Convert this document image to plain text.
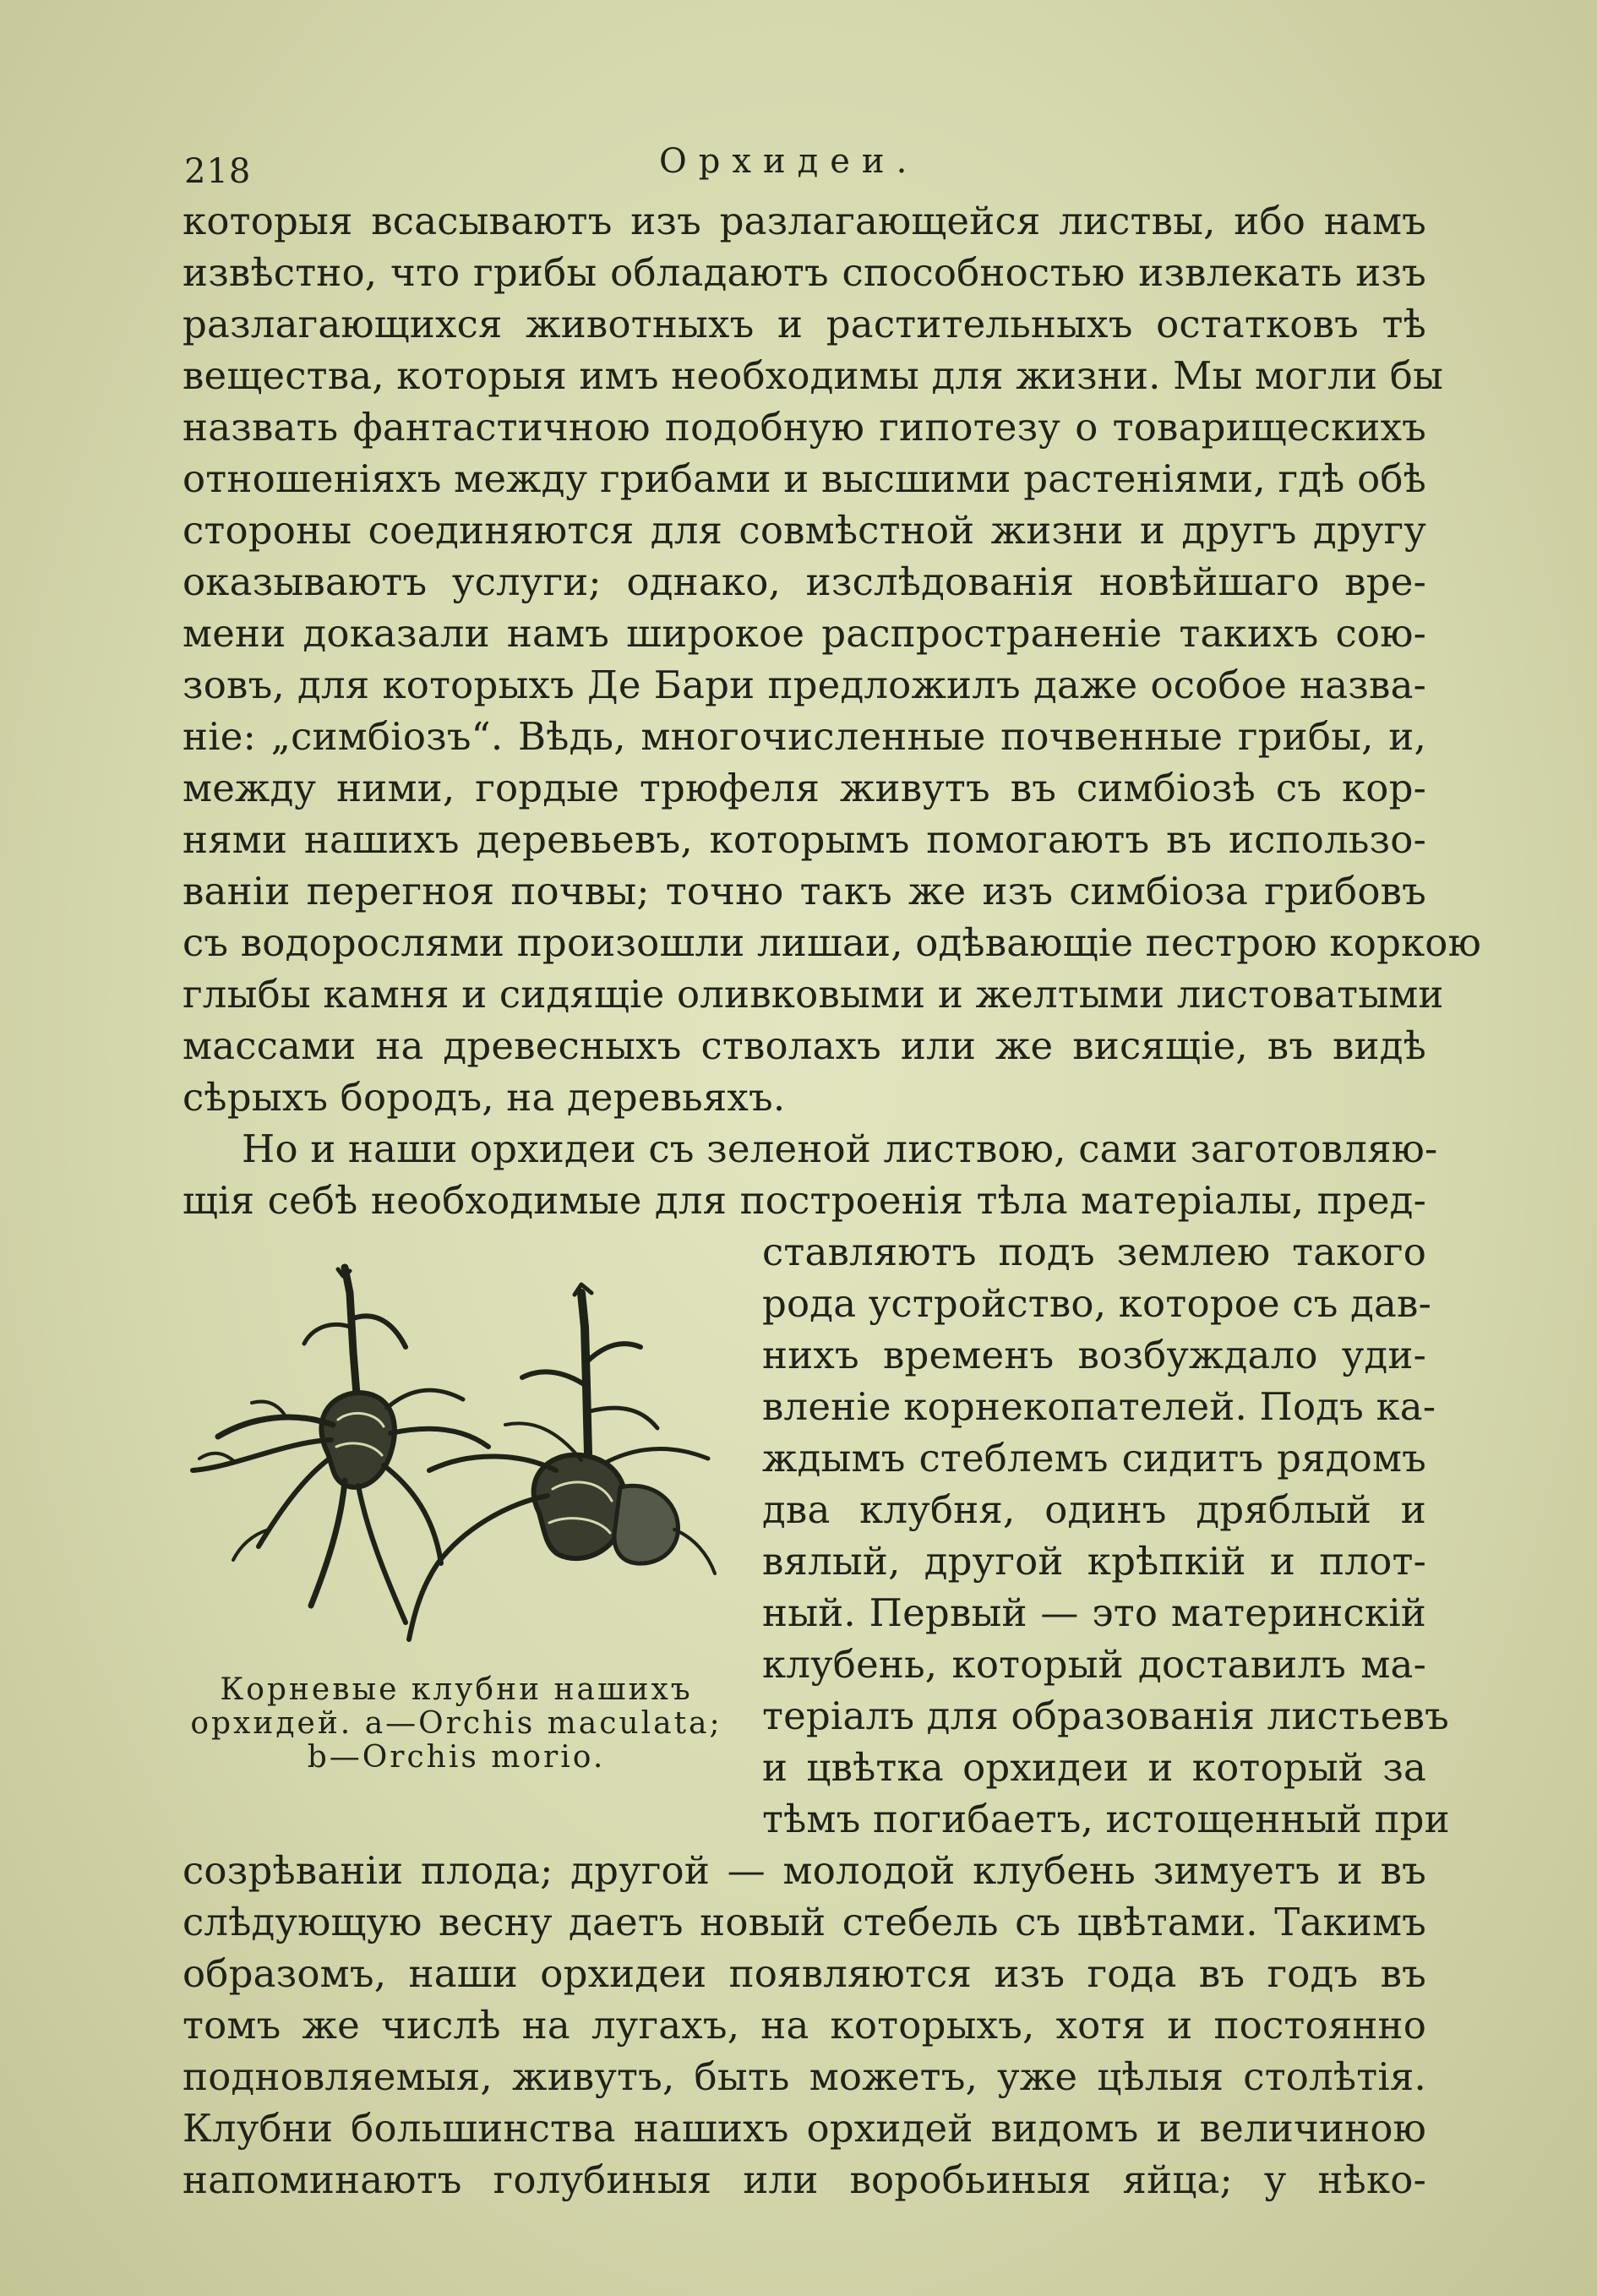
218	Орхидеи.
которыя всасываютъ изъ разлагающейся листвы, ибо намъ
извѣстно, что грибы обладаютъ способностью извлекать изъ
разлагающихся животныхъ и растительныхъ остатковъ тѣ
вещества, которыя имъ необходимы для жизни. Мы могли бы
назвать фантастичною подобную гипотезу о товарищескихъ
отношеніяхъ между грибами и высшими растеніями, гдѣ обѣ
стороны соединяются для совмѣстной жизни и другъ другу
оказываютъ услуги; однако, изслѣдованія новѣйшаго вре-
мени доказали намъ широкое распространеніе такихъ сою-
зовъ, для которыхъ Де Бари предложилъ даже особое назва-
ніе: „симбіозъ“. Вѣдь, многочисленные почвенные грибы, и,
между ними, гордые трюфеля живутъ въ симбіозѣ съ кор-
нями нашихъ деревьевъ, которымъ помогаютъ въ использо-
ваніи перегноя почвы; точно такъ же изъ симбіоза грибовъ
съ водорослями произошли лишаи, одѣвающіе пестрою коркою
глыбы камня и сидящіе оливковыми и желтыми листоватыми
массами на древесныхъ стволахъ или же висящіе, въ видѣ
сѣрыхъ бородъ, на деревьяхъ.
Но и наши орхидеи съ зеленой листвою, сами заготовляю-
щія себѣ необходимые для построенія тѣла матеріалы, пред-
ставляютъ подъ землею такого
рода устройство, которое съ дав-
нихъ временъ возбуждало уди-
вленіе корнекопателей. Подъ ка-
ждымъ стеблемъ сидитъ рядомъ
два клубня, одинъ дряблый и
вялый, другой крѣпкій и плот-
ный. Первый — это материнскій
клубень, который доставилъ ма-
теріалъ для образованія листьевъ
и цвѣтка орхидеи и который за
тѣмъ погибаетъ, истощенный при
созрѣваніи плода; другой — молодой клубень зимуетъ и въ
слѣдующую весну даетъ новый стебель съ цвѣтами. Такимъ
образомъ, наши орхидеи появляются изъ года въ годъ въ
томъ же числѣ на лугахъ, на которыхъ, хотя и постоянно
подновляемыя, живутъ, быть можетъ, уже цѣлыя столѣтія.
Клубни большинства нашихъ орхидей видомъ и величиною
напоминаютъ голубиныя или воробьиныя яйца; у нѣко-
Корневые клубни нашихъ
орхидей. a—Orchis maculata;
b—Orchis morio.
